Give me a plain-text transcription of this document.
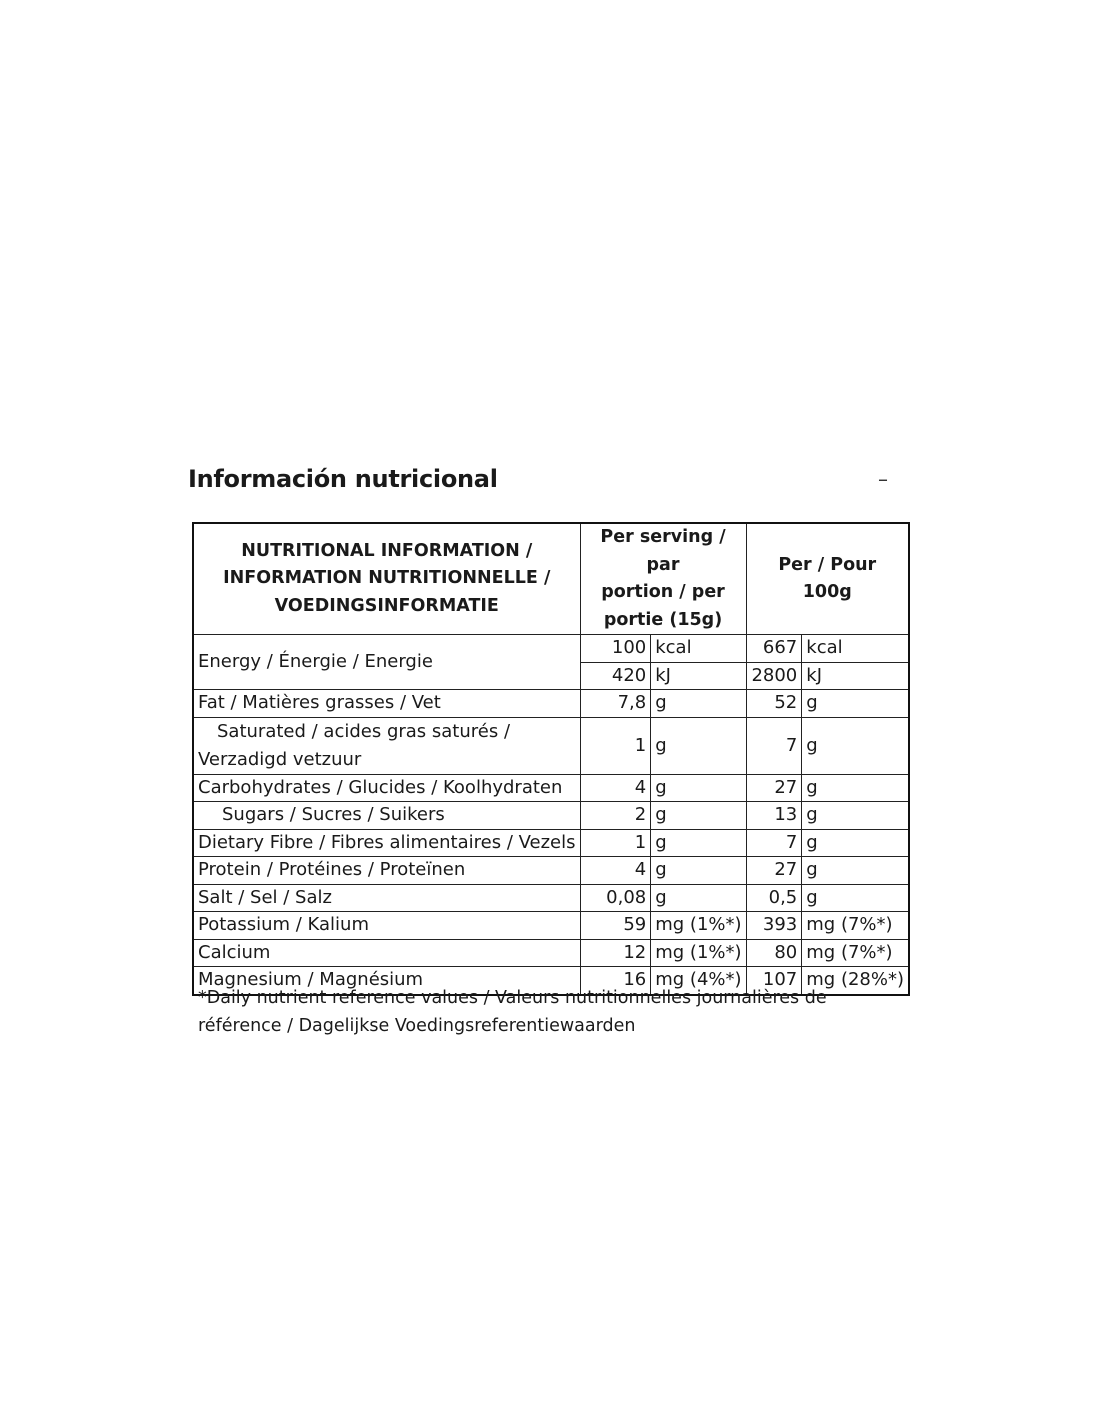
Información nutricional	–
NUTRITIONAL INFORMATION /
INFORMATION NUTRITIONNELLE /
VOEDINGSINFORMATIE	Per serving / par
portion / per
portie (15g)		Per / Pour
100g	
Energy / Énergie / Energie	100	kcal	667	kcal
	420	kJ	2800	kJ
Fat / Matières grasses / Vet	7,8	g	52	g
Saturated / acides gras saturés /
Verzadigd vetzuur	1	g	7	g
Carbohydrates / Glucides / Koolhydraten	4	g	27	g
Sugars / Sucres / Suikers	2	g	13	g
Dietary Fibre / Fibres alimentaires / Vezels	1	g	7	g
Protein / Protéines / Proteïnen	4	g	27	g
Salt / Sel / Salz	0,08	g	0,5	g
Potassium / Kalium	59	mg (1%*)	393	mg (7%*)
Calcium	12	mg (1%*)	80	mg (7%*)
Magnesium / Magnésium	16	mg (4%*)	107	mg (28%*)
*Daily nutrient reference values / Valeurs nutritionnelles journalières de
référence / Dagelijkse Voedingsreferentiewaarden
